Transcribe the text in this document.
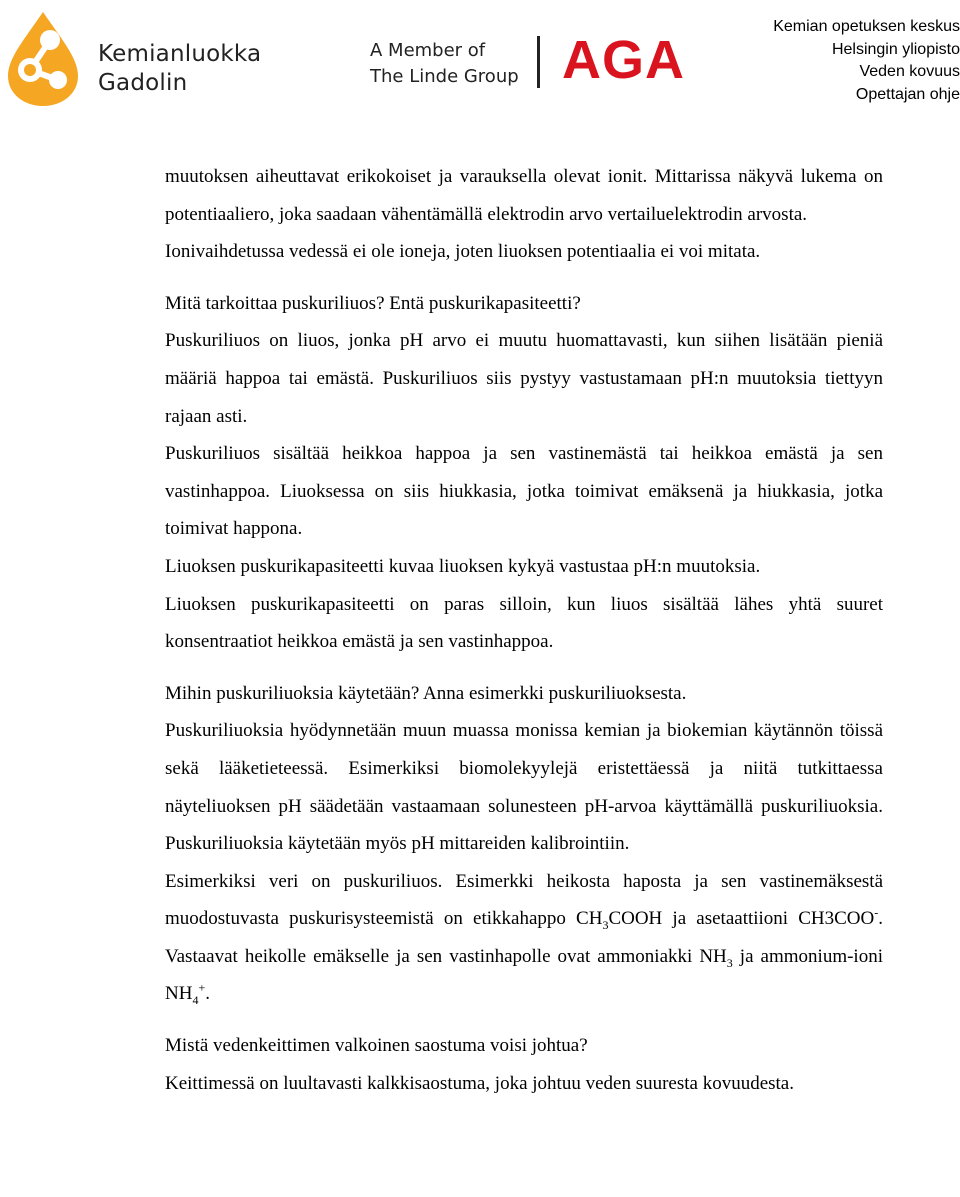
Kemianluokka
Gadolin
A Member of
The Linde Group AGA
Kemian opetuksen keskus
Helsingin yliopisto
Veden kovuus
Opettajan ohje

muutoksen aiheuttavat erikokoiset ja varauksella olevat ionit. Mittarissa näkyvä lukema on potentiaaliero, joka saadaan vähentämällä elektrodin arvo vertailuelektrodin arvosta.

Ionivaihdetussa vedessä ei ole ioneja, joten liuoksen potentiaalia ei voi mitata.

Mitä tarkoittaa puskuriliuos? Entä puskurikapasiteetti?

Puskuriliuos on liuos, jonka pH arvo ei muutu huomattavasti, kun siihen lisätään pieniä määriä happoa tai emästä. Puskuriliuos siis pystyy vastustamaan pH:n muutoksia tiettyyn rajaan asti.

Puskuriliuos sisältää heikkoa happoa ja sen vastinemästä tai heikkoa emästä ja sen vastinhappoa. Liuoksessa on siis hiukkasia, jotka toimivat emäksenä ja hiukkasia, jotka toimivat happona.

Liuoksen puskurikapasiteetti kuvaa liuoksen kykyä vastustaa pH:n muutoksia.

Liuoksen puskurikapasiteetti on paras silloin, kun liuos sisältää lähes yhtä suuret konsentraatiot heikkoa emästä ja sen vastinhappoa.

Mihin puskuriliuoksia käytetään? Anna esimerkki puskuriliuoksesta.

Puskuriliuoksia hyödynnetään muun muassa monissa kemian ja biokemian käytännön töissä sekä lääketieteessä. Esimerkiksi biomolekyylejä eristettäessä ja niitä tutkittaessa näyteliuoksen pH säädetään vastaamaan solunesteen pH-arvoa käyttämällä puskuriliuoksia. Puskuriliuoksia käytetään myös pH mittareiden kalibrointiin.

Esimerkiksi veri on puskuriliuos. Esimerkki heikosta haposta ja sen vastinemäksestä muodostuvasta puskurisysteemistä on etikkahappo $CH_3COOH$ ja asetaattiioni CH3COO-. Vastaavat heikolle emäkselle ja sen vastinhapolle ovat ammoniakki $NH_3$ ja ammonium-ioni $NH_4^+$.

Mistä vedenkeittimen valkoinen saostuma voisi johtua?

Keittimessä on luultavasti kalkkisaostuma, joka johtuu veden suuresta kovuudesta.
